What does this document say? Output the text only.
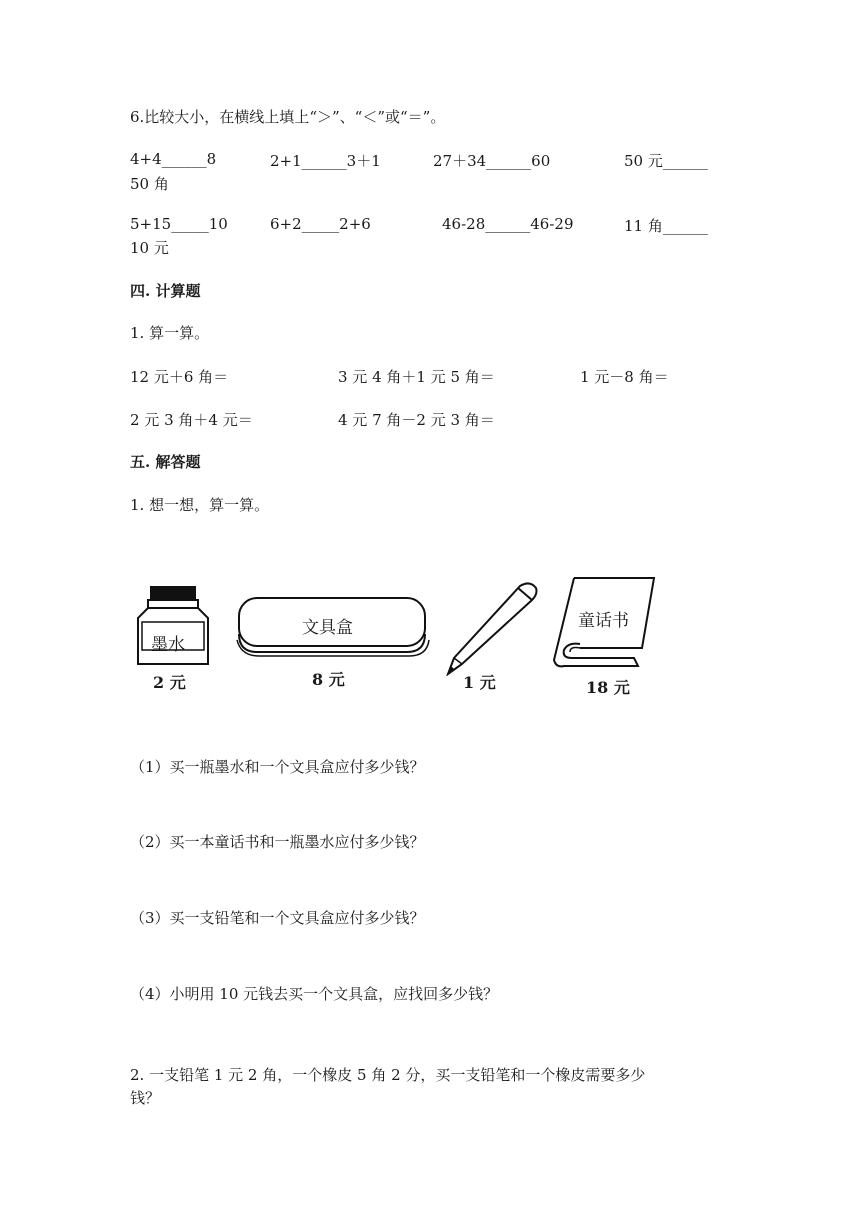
6.比较大小，在横线上填上“＞”、“＜”或“＝”。
4+4______8	2+1______3＋1	27＋34______60	50 元______
50 角
5+15_____10	6+2_____2+6	46-28______46-29	11 角______
10 元
四. 计算题
1. 算一算。
12 元＋6 角＝	3 元 4 角＋1 元 5 角＝	1 元－8 角＝
2 元 3 角＋4 元＝	4 元 7 角－2 元 3 角＝
五. 解答题
1. 想一想，算一算。
墨水
2 元
文具盒
8 元	1 元
童话书
18 元
（1）买一瓶墨水和一个文具盒应付多少钱？
（2）买一本童话书和一瓶墨水应付多少钱？
（3）买一支铅笔和一个文具盒应付多少钱？
（4）小明用 10 元钱去买一个文具盒，应找回多少钱？
2. 一支铅笔 1 元 2 角，一个橡皮 5 角 2 分，买一支铅笔和一个橡皮需要多少
钱？
